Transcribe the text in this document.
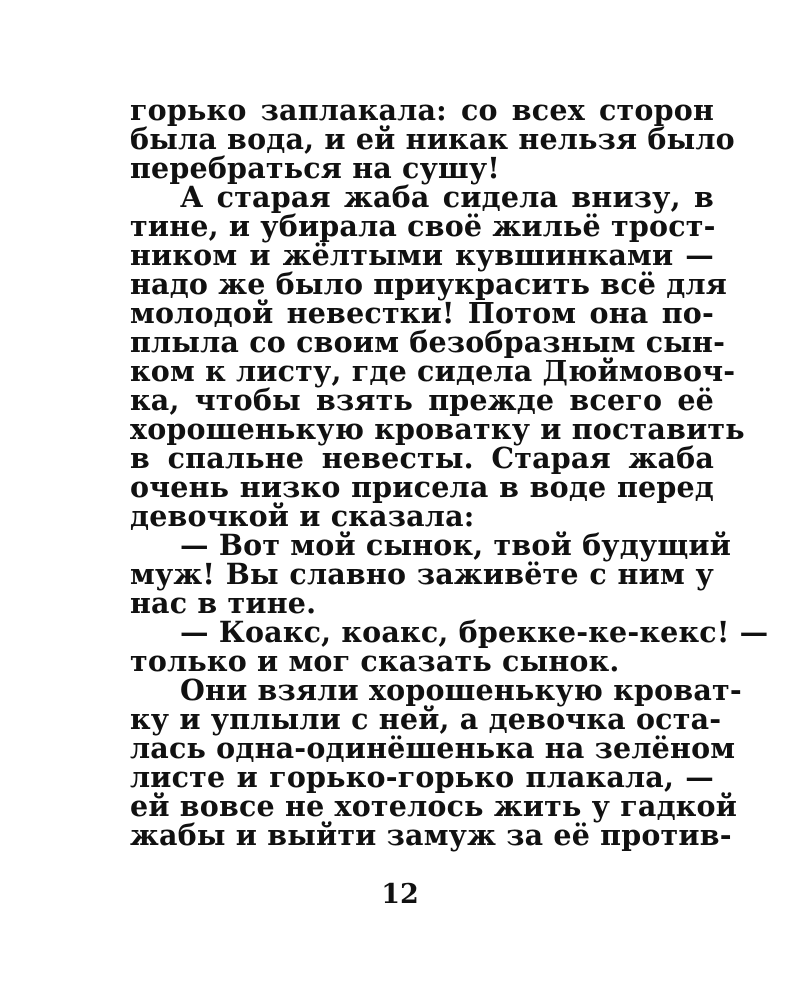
горько заплакала: со всех сторон
была вода, и ей никак нельзя было
перебраться на сушу!
А старая жаба сидела внизу, в
тине, и убирала своё жильё трост-
ником и жёлтыми кувшинками —
надо же было приукрасить всё для
молодой невестки! Потом она по-
плыла со своим безобразным сын-
ком к листу, где сидела Дюймовоч-
ка, чтобы взять прежде всего её
хорошенькую кроватку и поставить
в спальне невесты. Старая жаба
очень низко присела в воде перед
девочкой и сказала:
— Вот мой сынок, твой будущий
муж! Вы славно заживёте с ним у
нас в тине.
— Коакс, коакс, брекке-ке-кекс! —
только и мог сказать сынок.
Они взяли хорошенькую кроват-
ку и уплыли с ней, а девочка оста-
лась одна-одинёшенька на зелёном
листе и горько-горько плакала, —
ей вовсе не хотелось жить у гадкой
жабы и выйти замуж за её против-
12
